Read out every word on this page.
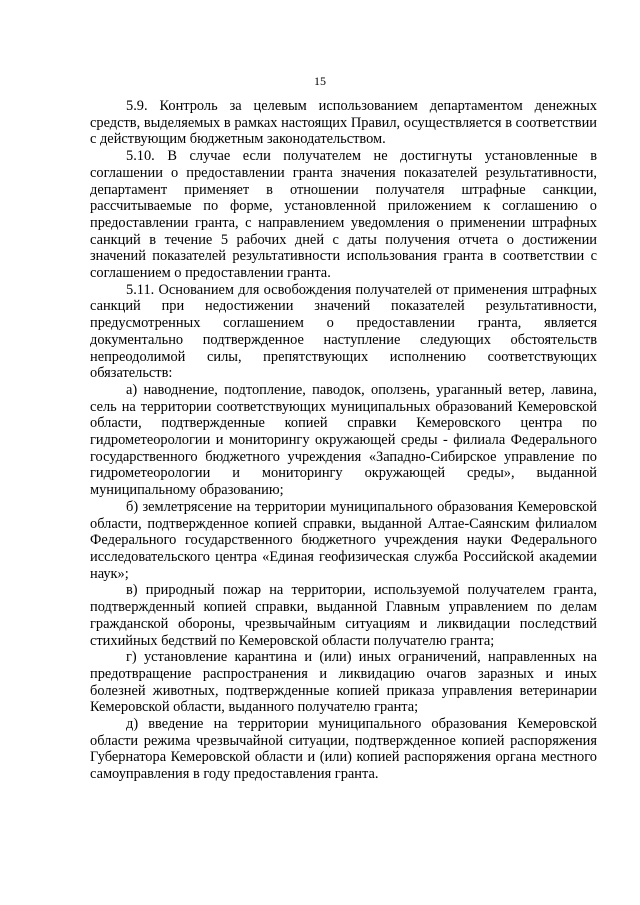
15

5.9. Контроль за целевым использованием департаментом денежных средств, выделяемых в рамках настоящих Правил, осуществляется в соответствии с действующим бюджетным законодательством.

5.10. В случае если получателем не достигнуты установленные в соглашении о предоставлении гранта значения показателей результативности, департамент применяет в отношении получателя штрафные санкции, рассчитываемые по форме, установленной приложением к соглашению о предоставлении гранта, с направлением уведомления о применении штрафных санкций в течение 5 рабочих дней с даты получения отчета о достижении значений показателей результативности использования гранта в соответствии с соглашением о предоставлении гранта.

5.11. Основанием для освобождения получателей от применения штрафных санкций при недостижении значений показателей результативности, предусмотренных соглашением о предоставлении гранта, является документально подтвержденное наступление следующих обстоятельств непреодолимой силы, препятствующих исполнению соответствующих обязательств:

а) наводнение, подтопление, паводок, оползень, ураганный ветер, лавина, сель на территории соответствующих муниципальных образований Кемеровской области, подтвержденные копией справки Кемеровского центра по гидрометеорологии и мониторингу окружающей среды - филиала Федерального государственного бюджетного учреждения «Западно-Сибирское управление по гидрометеорологии и мониторингу окружающей среды», выданной муниципальному образованию;

б) землетрясение на территории муниципального образования Кемеровской области, подтвержденное копией справки, выданной Алтае-Саянским филиалом Федерального государственного бюджетного учреждения науки Федерального исследовательского центра «Единая геофизическая служба Российской академии наук»;

в) природный пожар на территории, используемой получателем гранта, подтвержденный копией справки, выданной Главным управлением по делам гражданской обороны, чрезвычайным ситуациям и ликвидации последствий стихийных бедствий по Кемеровской области получателю гранта;

г) установление карантина и (или) иных ограничений, направленных на предотвращение распространения и ликвидацию очагов заразных и иных болезней животных, подтвержденные копией приказа управления ветеринарии Кемеровской области, выданного получателю гранта;

д) введение на территории муниципального образования Кемеровской области режима чрезвычайной ситуации, подтвержденное копией распоряжения Губернатора Кемеровской области и (или) копией распоряжения органа местного самоуправления в году предоставления гранта.
